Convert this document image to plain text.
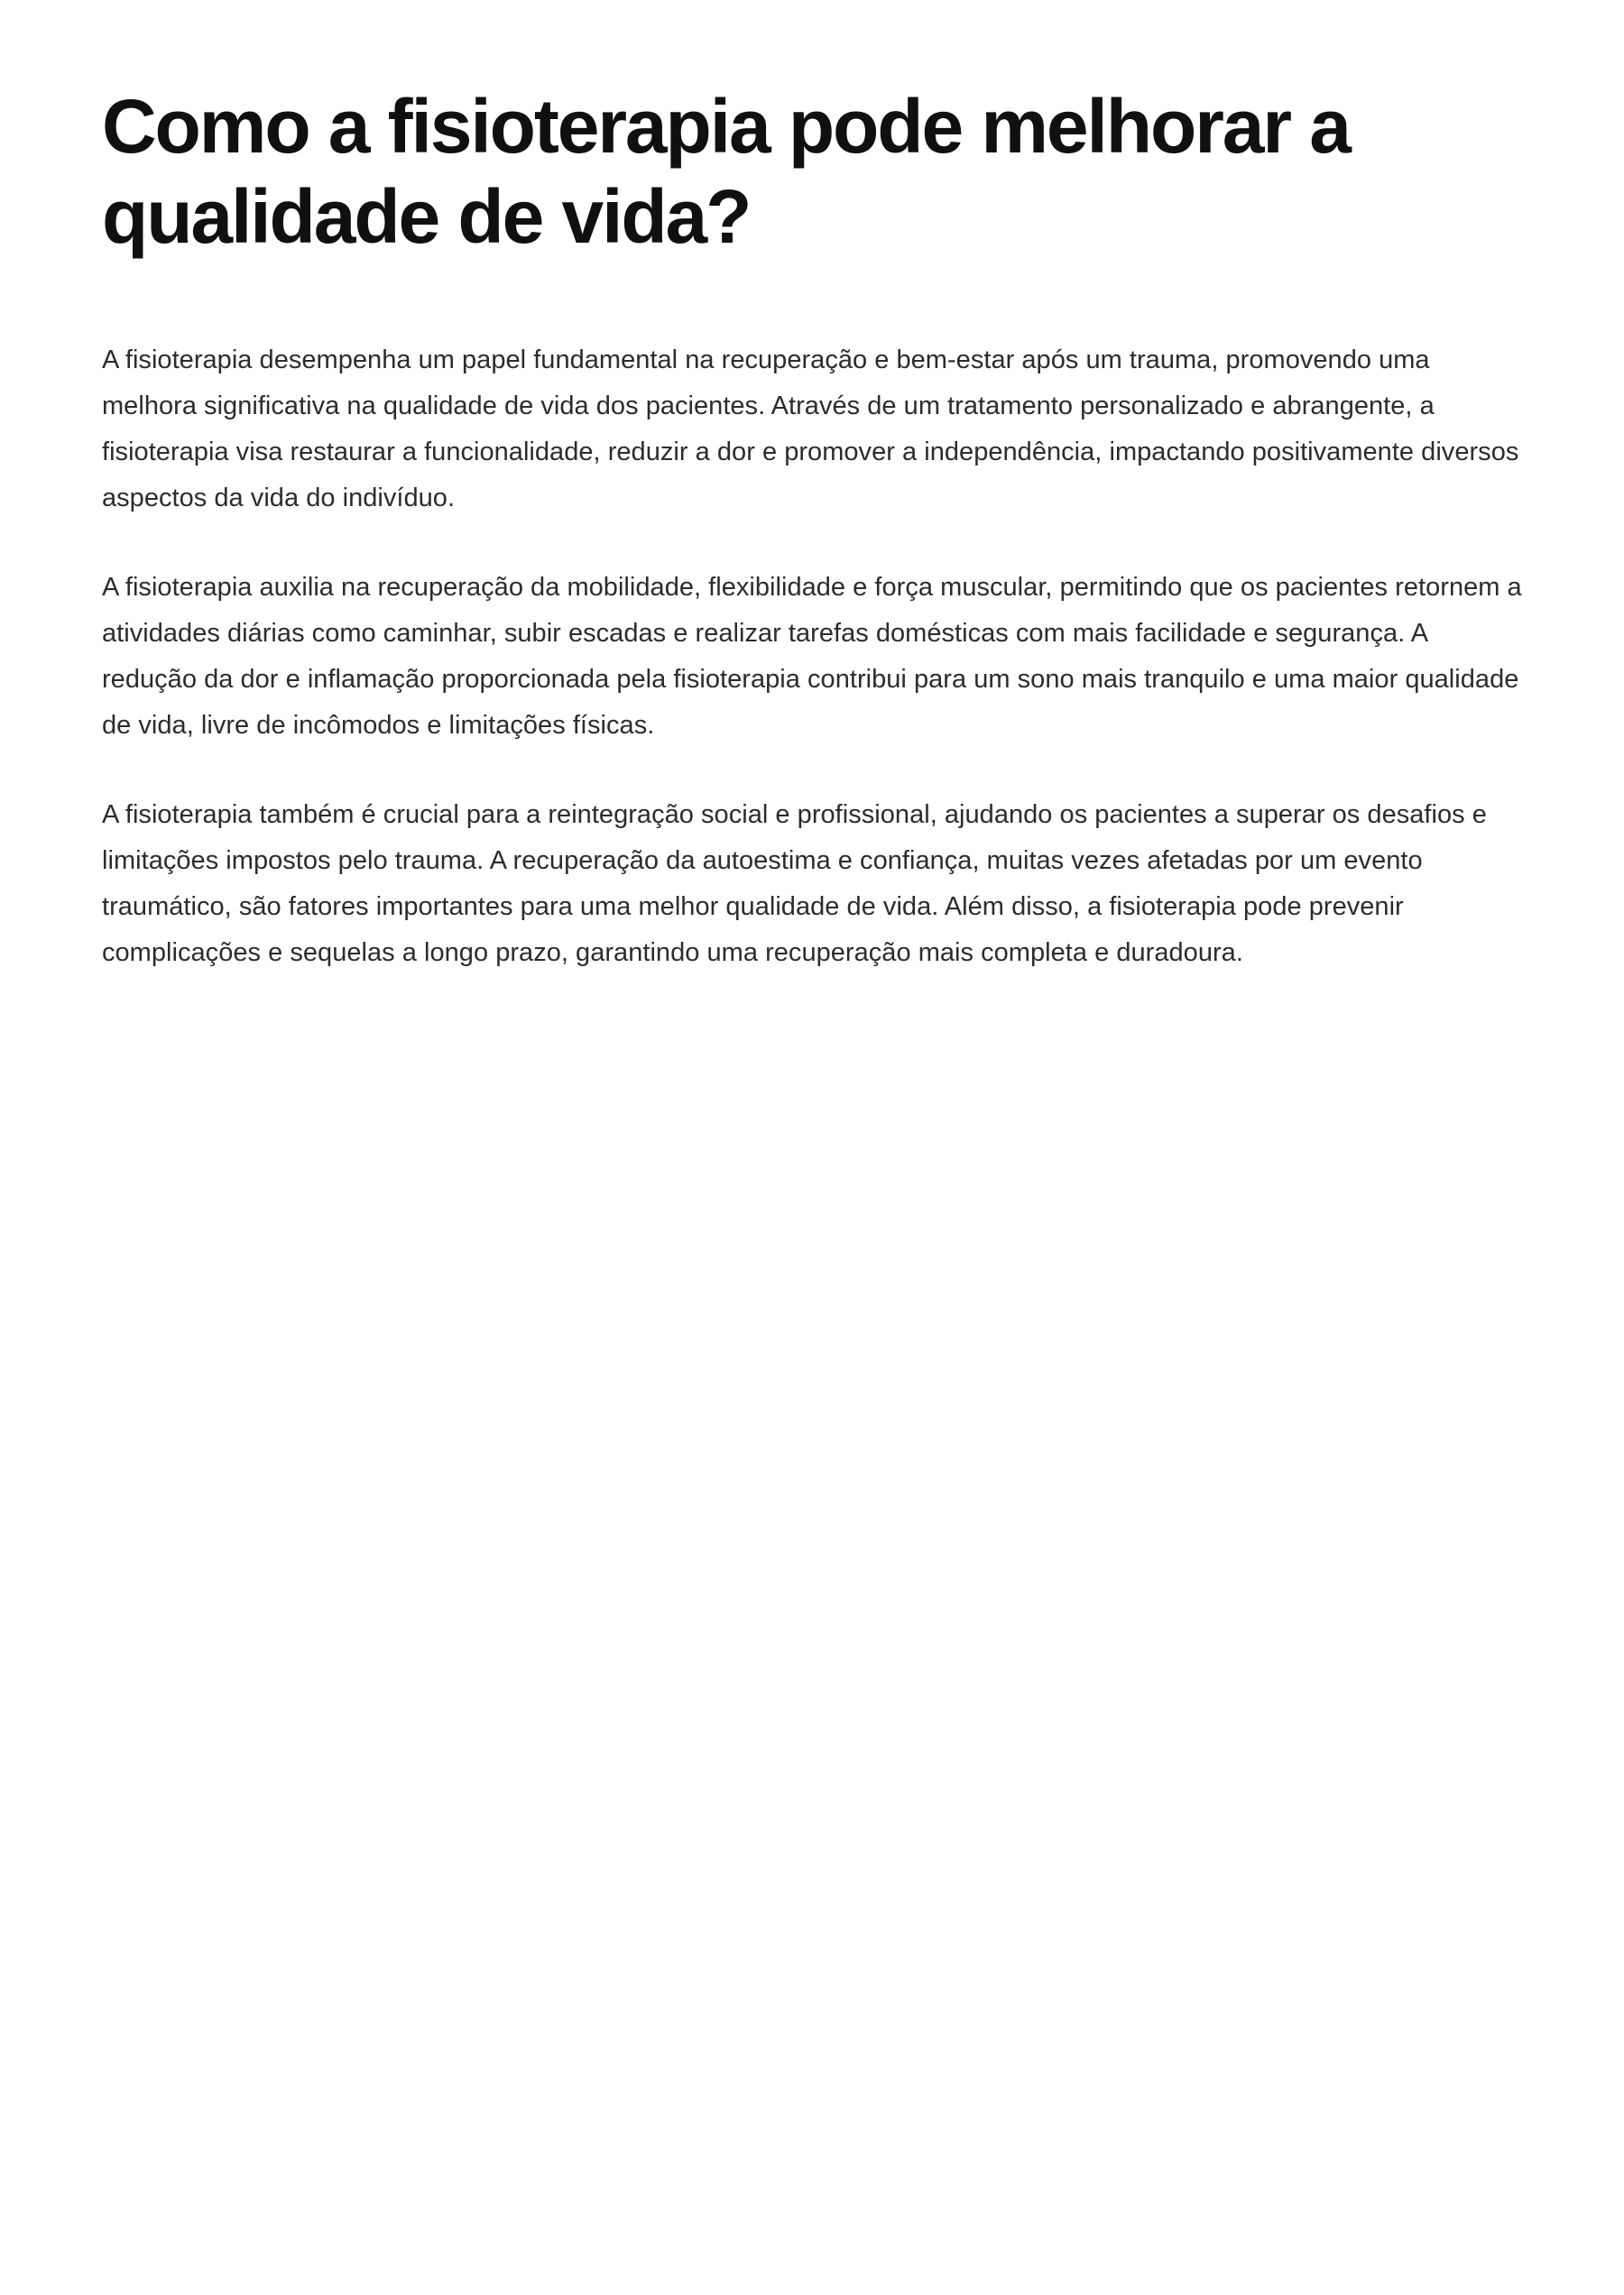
Como a fisioterapia pode melhorar a qualidade de vida?

A fisioterapia desempenha um papel fundamental na recuperação e bem-estar após um trauma, promovendo uma melhora significativa na qualidade de vida dos pacientes. Através de um tratamento personalizado e abrangente, a fisioterapia visa restaurar a funcionalidade, reduzir a dor e promover a independência, impactando positivamente diversos aspectos da vida do indivíduo.

A fisioterapia auxilia na recuperação da mobilidade, flexibilidade e força muscular, permitindo que os pacientes retornem a atividades diárias como caminhar, subir escadas e realizar tarefas domésticas com mais facilidade e segurança. A redução da dor e inflamação proporcionada pela fisioterapia contribui para um sono mais tranquilo e uma maior qualidade de vida, livre de incômodos e limitações físicas.

A fisioterapia também é crucial para a reintegração social e profissional, ajudando os pacientes a superar os desafios e limitações impostos pelo trauma. A recuperação da autoestima e confiança, muitas vezes afetadas por um evento traumático, são fatores importantes para uma melhor qualidade de vida. Além disso, a fisioterapia pode prevenir complicações e sequelas a longo prazo, garantindo uma recuperação mais completa e duradoura.
